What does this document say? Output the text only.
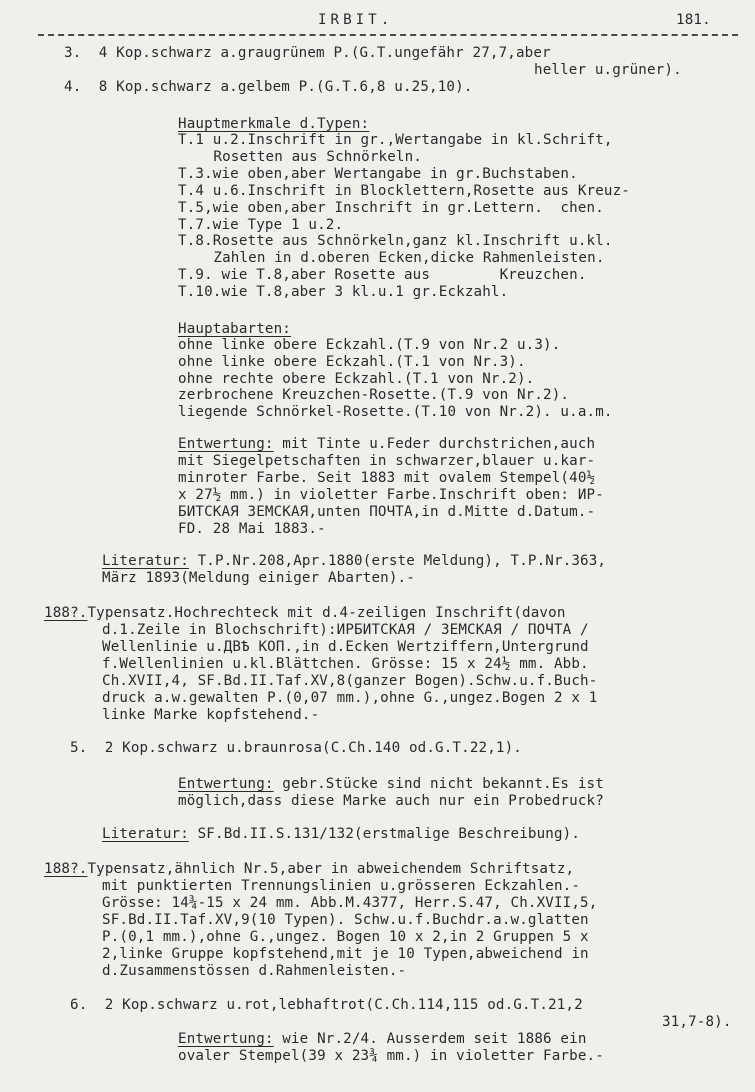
IRBIT.	181.
3.  4 Kop.schwarz a.graugrünem P.(G.T.ungefähr 27,7,aber
heller u.grüner).
4.  8 Kop.schwarz a.gelbem P.(G.T.6,8 u.25,10).
Hauptmerkmale d.Typen:
T.1 u.2.Inschrift in gr.,Wertangabe in kl.Schrift,
Rosetten aus Schnörkeln.
T.3.wie oben,aber Wertangabe in gr.Buchstaben.
T.4 u.6.Inschrift in Blocklettern,Rosette aus Kreuz-
T.5,wie oben,aber Inschrift in gr.Lettern.  chen.
T.7.wie Type 1 u.2.
T.8.Rosette aus Schnörkeln,ganz kl.Inschrift u.kl.
Zahlen in d.oberen Ecken,dicke Rahmenleisten.
T.9. wie T.8,aber Rosette aus        Kreuzchen.
T.10.wie T.8,aber 3 kl.u.1 gr.Eckzahl.
Hauptabarten:
ohne linke obere Eckzahl.(T.9 von Nr.2 u.3).
ohne linke obere Eckzahl.(T.1 von Nr.3).
ohne rechte obere Eckzahl.(T.1 von Nr.2).
zerbrochene Kreuzchen-Rosette.(T.9 von Nr.2).
liegende Schnörkel-Rosette.(T.10 von Nr.2). u.a.m.
Entwertung: mit Tinte u.Feder durchstrichen,auch
mit Siegelpetschaften in schwarzer,blauer u.kar-
minroter Farbe. Seit 1883 mit ovalem Stempel(40½
x 27½ mm.) in violetter Farbe.Inschrift oben: ИР-
БИТСКАЯ ЗЕМСКАЯ,unten ПОЧТА,in d.Mitte d.Datum.-
FD. 28 Mai 1883.-
Literatur: T.P.Nr.208,Apr.1880(erste Meldung), T.P.Nr.363,
März 1893(Meldung einiger Abarten).-
188?.Typensatz.Hochrechteck mit d.4-zeiligen Inschrift(davon
d.1.Zeile in Blochschrift):ИРБИТСКАЯ / ЗЕМСКАЯ / ПОЧТА /
Wellenlinie u.ДВѢ КОП.,in d.Ecken Wertziffern,Untergrund
f.Wellenlinien u.kl.Blättchen. Grösse: 15 x 24½ mm. Abb.
Ch.XVII,4, SF.Bd.II.Taf.XV,8(ganzer Bogen).Schw.u.f.Buch-
druck a.w.gewalten P.(0,07 mm.),ohne G.,ungez.Bogen 2 x 1
linke Marke kopfstehend.-
5.  2 Kop.schwarz u.braunrosa(C.Ch.140 od.G.T.22,1).
Entwertung: gebr.Stücke sind nicht bekannt.Es ist
möglich,dass diese Marke auch nur ein Probedruck?
Literatur: SF.Bd.II.S.131/132(erstmalige Beschreibung).
188?.Typensatz,ähnlich Nr.5,aber in abweichendem Schriftsatz,
mit punktierten Trennungslinien u.grösseren Eckzahlen.-
Grösse: 14¾-15 x 24 mm. Abb.M.4377, Herr.S.47, Ch.XVII,5,
SF.Bd.II.Taf.XV,9(10 Typen). Schw.u.f.Buchdr.a.w.glatten
P.(0,1 mm.),ohne G.,ungez. Bogen 10 x 2,in 2 Gruppen 5 x
2,linke Gruppe kopfstehend,mit je 10 Typen,abweichend in
d.Zusammenstössen d.Rahmenleisten.-
6.  2 Kop.schwarz u.rot,lebhaftrot(C.Ch.114,115 od.G.T.21,2
31,7-8).
Entwertung: wie Nr.2/4. Ausserdem seit 1886 ein
ovaler Stempel(39 x 23¾ mm.) in violetter Farbe.-
